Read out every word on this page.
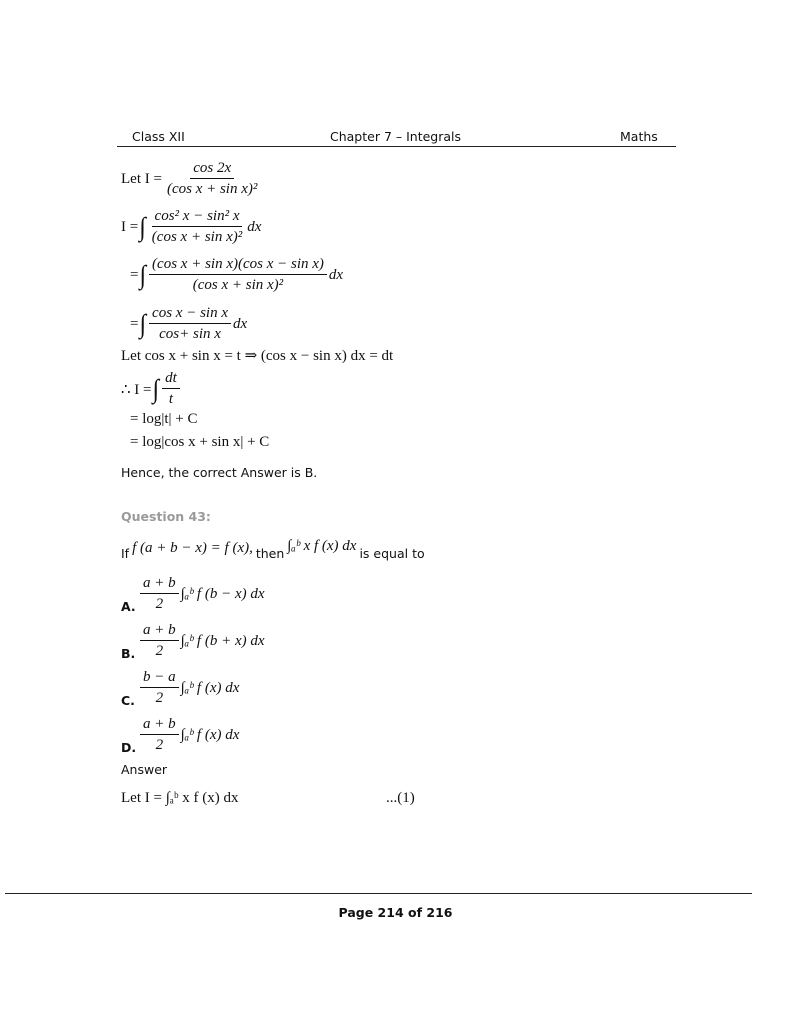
Class XII	Chapter 7 – Integrals	Maths
Let $I = \frac{\cos 2x}{\text{(cos x + sin x)²}}$
I = ∫ $\frac{\text{cos² x − sin² x}}{\text{(cos x + sin x)²}}$ dx
= ∫ $\frac{\text{(cos x + sin x)(cos x − sin x)}}{\text{(cos x + sin x)²}}$ dx
= ∫ $\frac{\text{cos x − sin x}}{\text{cos+ sin x}}$ dx
Let cos x + sin x = t ⇒ (cos x − sin x) dx = dt
∴ I = ∫ $\frac{dt}{t}$
= log|t| + C
= log|cos x + sin x| + C
Hence, the correct Answer is B.
Question 43:
If f (a + b − x) = f (x), then ∫ₐᵇ x f (x) dx is equal to
A. $\frac{a + b}{2}$ ∫ₐᵇ f (b − x) dx
B. $\frac{a + b}{2}$ ∫ₐᵇ f (b + x) dx
C. $\frac{b - a}{2}$ ∫ₐᵇ f (x) dx
D. $\frac{a + b}{2}$ ∫ₐᵇ f (x) dx
Answer
Let I = ∫ₐᵇ x f (x) dx	...(1)
Page 214 of 216
